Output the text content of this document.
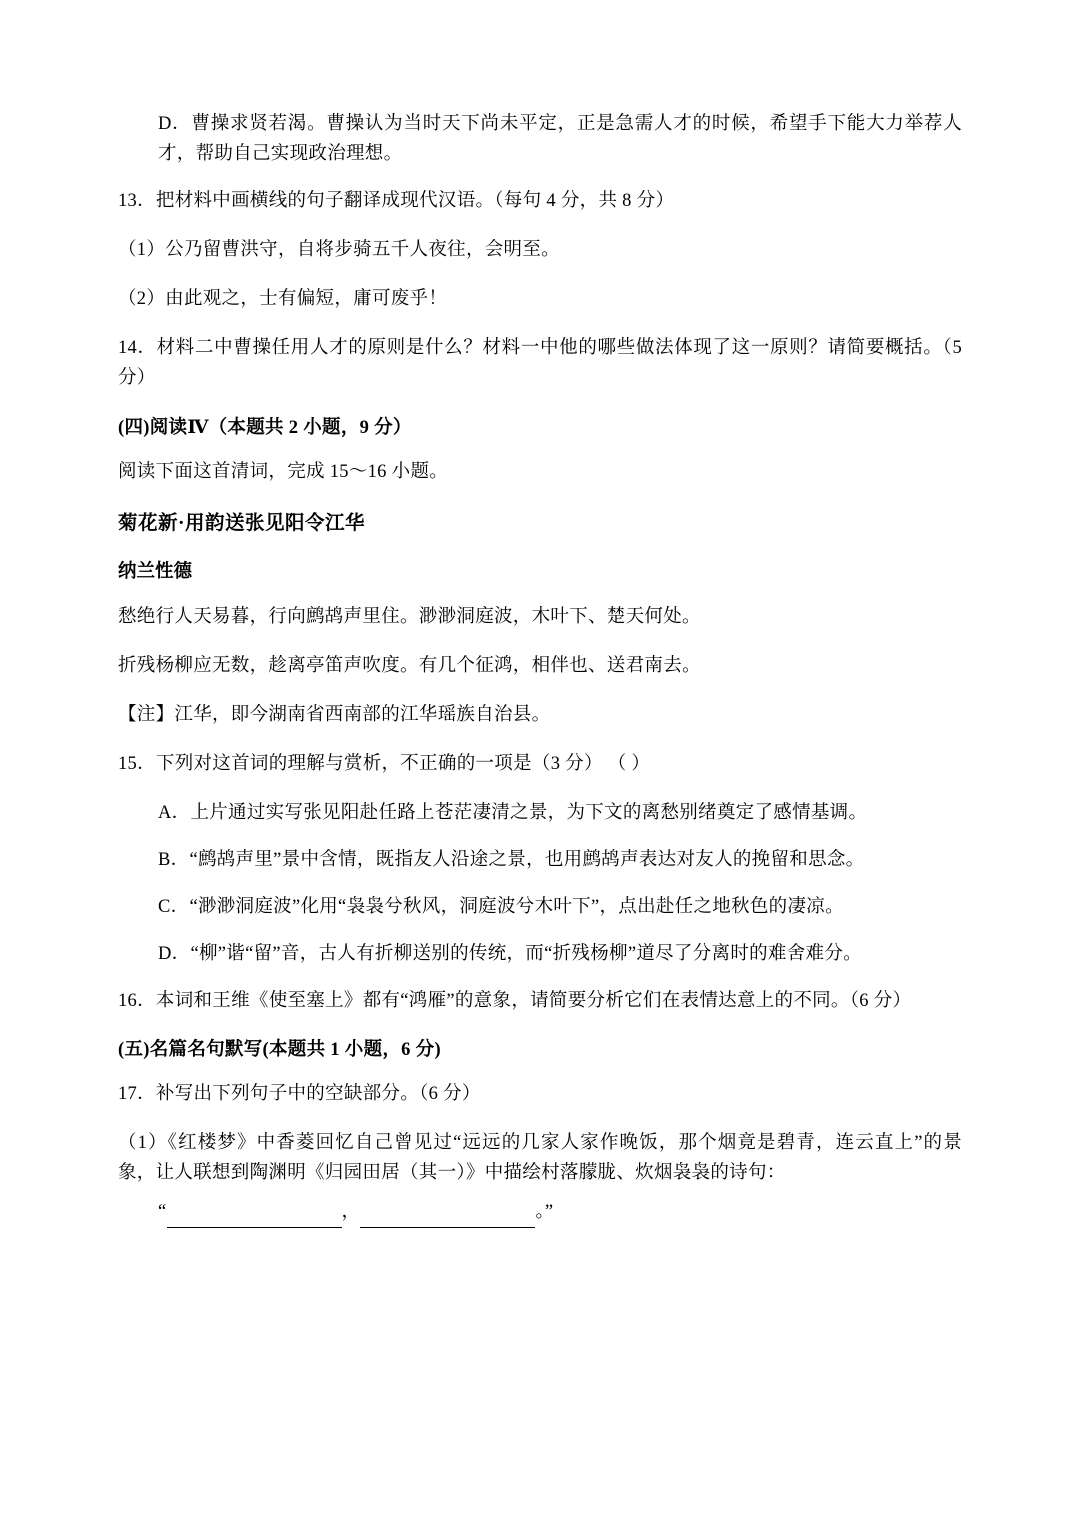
D．曹操求贤若渴。曹操认为当时天下尚未平定，正是急需人才的时候，希望手下能大力举荐人才，帮助自己实现政治理想。

13．把材料中画横线的句子翻译成现代汉语。（每句 4 分，共 8 分）

（1）公乃留曹洪守，自将步骑五千人夜往，会明至。

（2）由此观之，士有偏短，庸可废乎！

14．材料二中曹操任用人才的原则是什么？材料一中他的哪些做法体现了这一原则？请简要概括。（5 分）

(四)阅读Ⅳ（本题共 2 小题，9 分）

阅读下面这首清词，完成 15～16 小题。

菊花新·用韵送张见阳令江华

纳兰性德

愁绝行人天易暮，行向鹧鸪声里住。渺渺洞庭波，木叶下、楚天何处。

折残杨柳应无数，趁离亭笛声吹度。有几个征鸿，相伴也、送君南去。

【注】江华，即今湖南省西南部的江华瑶族自治县。

15．下列对这首词的理解与赏析，不正确的一项是（3 分） （ ）

A．上片通过实写张见阳赴任路上苍茫凄清之景，为下文的离愁别绪奠定了感情基调。

B．“鹧鸪声里”景中含情，既指友人沿途之景，也用鹧鸪声表达对友人的挽留和思念。

C．“渺渺洞庭波”化用“袅袅兮秋风，洞庭波兮木叶下”，点出赴任之地秋色的凄凉。

D．“柳”谐“留”音，古人有折柳送别的传统，而“折残杨柳”道尽了分离时的难舍难分。

16．本词和王维《使至塞上》都有“鸿雁”的意象，请简要分析它们在表情达意上的不同。（6 分）

(五)名篇名句默写(本题共 1 小题，6 分)

17．补写出下列句子中的空缺部分。（6 分）

（1）《红楼梦》中香菱回忆自己曾见过“远远的几家人家作晚饭，那个烟竟是碧青，连云直上”的景象，让人联想到陶渊明《归园田居（其一）》中描绘村落朦胧、炊烟袅袅的诗句：

“	，	。”
